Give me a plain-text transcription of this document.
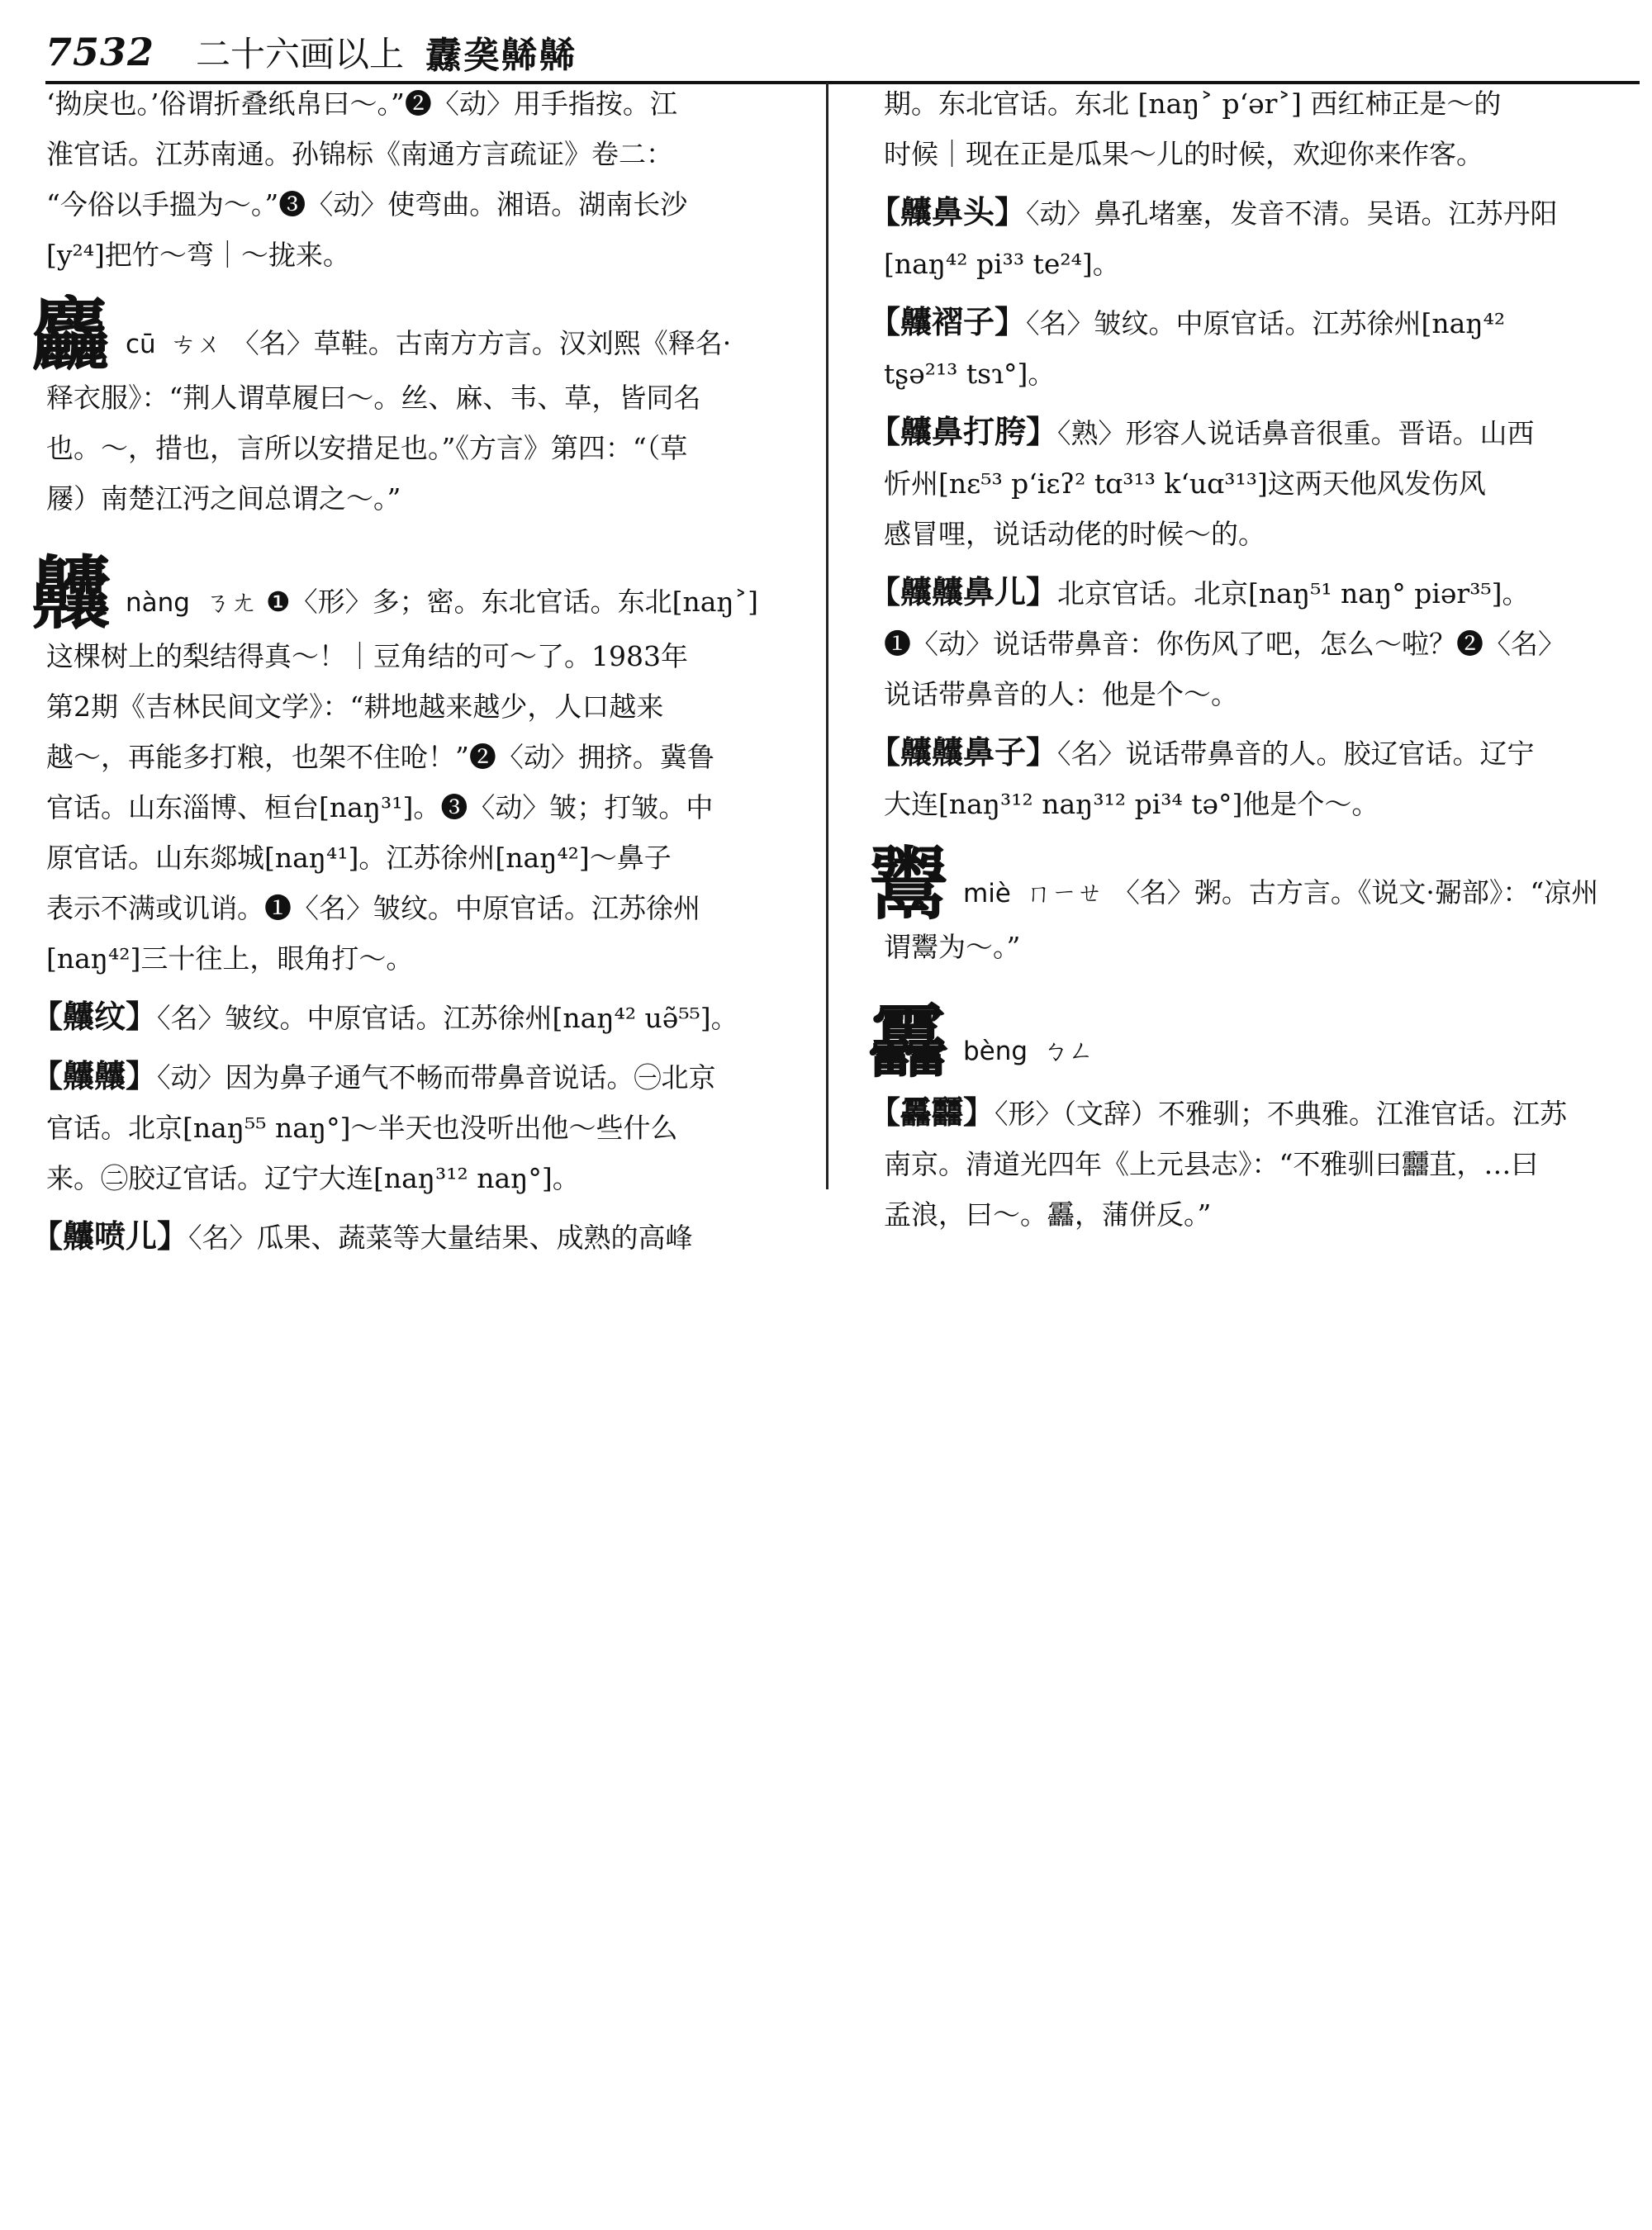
7532 二十六画以上 纛䶮𪖥𪖥

‘拗戾也。’俗谓折叠纸帛曰～。”❷〈动〉用手指按。江

淮官话。江苏南通。孙锦标《南通方言疏证》卷二：

“今俗以手搵为～。”❸〈动〉使弯曲。湘语。湖南长沙

[y²⁴]把竹～弯｜～拢来。

麤cū ㄘㄨ 〈名〉草鞋。古南方方言。汉刘熙《释名·

释衣服》：“荆人谓草履曰～。丝、麻、韦、草，皆同名

也。～，措也，言所以安措足也。”《方言》第四：“（草

屦）南楚江沔之间总谓之～。”

齉nàng ㄋㄤ ❶〈形〉多；密。东北官话。东北[naŋ˃]

这棵树上的梨结得真～！｜豆角结的可～了。1983年

第2期《吉林民间文学》：“耕地越来越少，人口越来

越～，再能多打粮，也架不住呛！”❷〈动〉拥挤。冀鲁

官话。山东淄博、桓台[naŋ³¹]。❸〈动〉皱；打皱。中

原官话。山东郯城[naŋ⁴¹]。江苏徐州[naŋ⁴²]～鼻子

表示不满或讥诮。❶〈名〉皱纹。中原官话。江苏徐州

[naŋ⁴²]三十往上，眼角打～。

【齉纹】〈名〉皱纹。中原官话。江苏徐州[naŋ⁴² uə̃⁵⁵]。

【齉齉】〈动〉因为鼻子通气不畅而带鼻音说话。㊀北京

官话。北京[naŋ⁵⁵ naŋ°]～半天也没听出他～些什么

来。㊁胶辽官话。辽宁大连[naŋ³¹² naŋ°]。

【齉喷儿】〈名〉瓜果、蔬菜等大量结果、成熟的高峰

期。东北官话。东北 [naŋ˃ p‘ər˃] 西红柿正是～的

时候｜现在正是瓜果～儿的时候，欢迎你来作客。

【齉鼻头】〈动〉鼻孔堵塞，发音不清。吴语。江苏丹阳

[naŋ⁴² pi³³ te²⁴]。

【齉褶子】〈名〉皱纹。中原官话。江苏徐州[naŋ⁴²

tʂə²¹³ tsɿ°]。

【齉鼻打胯】〈熟〉形容人说话鼻音很重。晋语。山西

忻州[nɛ⁵³ p‘iɛʔ² tɑ³¹³ k‘uɑ³¹³]这两天他风发伤风

感冒哩，说话动佬的时候～的。

【齉齉鼻儿】北京官话。北京[naŋ⁵¹ naŋ° piər³⁵]。

❶〈动〉说话带鼻音：你伤风了吧，怎么～啦？❷〈名〉

说话带鼻音的人：他是个～。

【齉齉鼻子】〈名〉说话带鼻音的人。胶辽官话。辽宁

大连[naŋ³¹² naŋ³¹² pi³⁴ tə°]他是个～。

鬻miè ㄇㄧㄝ 〈名〉粥。古方言。《说文·䰜部》：“凉州

谓鬻为～。”

靐bèng ㄅㄥ

【靐䨻】〈形〉（文辞）不雅驯；不典雅。江淮官话。江苏

南京。清道光四年《上元县志》：“不雅驯曰䨻苴，…曰

孟浪，曰～。靐，蒲併反。”
